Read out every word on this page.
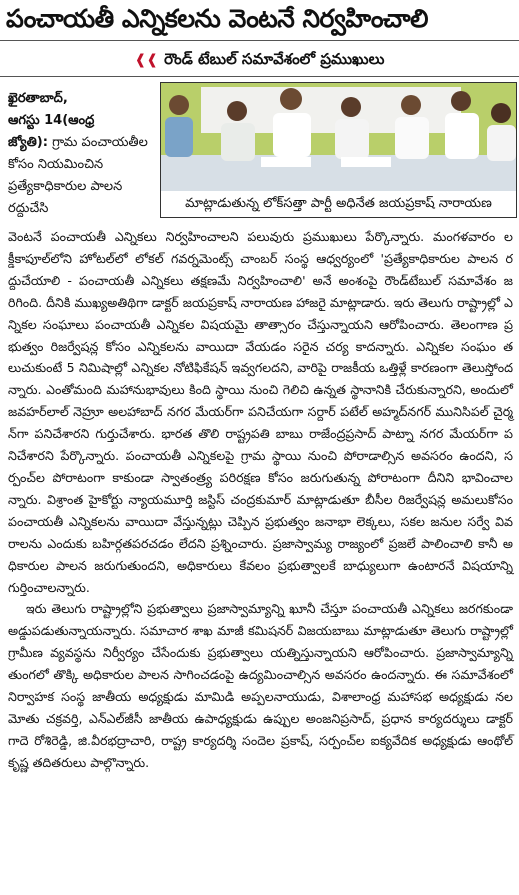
పంచాయతీ ఎన్నికలను వెంటనే నిర్వహించాలి
❰❰ రౌండ్ టేబుల్ సమావేశంలో ప్రముఖులు
ఖైరతాబాద్,
ఆగస్టు 14(ఆంధ్ర
జ్యోతి): గ్రామ పంచాయతీల కోసం నియమించిన ప్రత్యేకాధికారుల పాలన రద్దుచేసి	మాట్లాడుతున్న లోక్‌సత్తా పార్టీ అధినేత జయప్రకాష్ నారాయణ

వెంటనే పంచాయతీ ఎన్నికలు నిర్వహించాలని పలువురు ప్రముఖులు పేర్కొన్నారు. మంగళవారం లక్డీకాపూల్‌లోని హోటల్‌లో లోకల్ గవర్నమెంట్స్ చాంబర్ సంస్థ ఆధ్వర్యంలో 'ప్రత్యేకాధికారుల పాలన రద్దుచేయాలి - పంచాయతీ ఎన్నికలు తక్షణమే నిర్వహించాలి' అనే అంశంపై రౌండ్‌టేబుల్ సమావేశం జరిగింది. దీనికి ముఖ్యఅతిథిగా డాక్టర్ జయప్రకాష్ నారాయణ హాజరై మాట్లాడారు. ఇరు తెలుగు రాష్ట్రాల్లో ఎన్నికల సంఘాలు పంచాయతీ ఎన్నికల విషయమై తాత్సారం చేస్తున్నాయని ఆరోపించారు. తెలంగాణ ప్రభుత్వం రిజర్వేషన్ల కోసం ఎన్నికలను వాయిదా వేయడం సరైన చర్య కాదన్నారు. ఎన్నికల సంఘం తలుచుకుంటే 5 నిమిషాల్లో ఎన్నికల నోటిఫికేషన్ ఇవ్వగలదని, వారిపై రాజకీయ ఒత్తిళ్లే కారణంగా తెలుస్తోందన్నారు. ఎంతోమంది మహానుభావులు కింది స్థాయి నుంచి గెలిచి ఉన్నత స్థానానికి చేరుకున్నారని, అందులో జవహర్‌లాల్ నెహ్రూ అలహాబాద్ నగర మేయర్‌గా పనిచేయగా సర్దార్ పటేల్ అహ్మద్‌నగర్ మునిసిపల్ చైర్మన్‌గా పనిచేశారని గుర్తుచేశారు. భారత తొలి రాష్ట్రపతి బాబు రాజేంద్రప్రసాద్ పాట్నా నగర మేయర్‌గా పనిచేశారని పేర్కొన్నారు. పంచాయతీ ఎన్నికలపై గ్రామ స్థాయి నుంచి పోరాడాల్సిన అవసరం ఉందని, సర్పంచ్‌ల పోరాటంగా కాకుండా స్వాతంత్ర్య పరిరక్షణ కోసం జరుగుతున్న పోరాటంగా దీనిని భావించాలన్నారు. విశ్రాంత హైకోర్టు న్యాయమూర్తి జస్టిస్ చంద్రకుమార్ మాట్లాడుతూ బీసీల రిజర్వేషన్ల అమలుకోసం పంచాయతీ ఎన్నికలను వాయిదా వేస్తున్నట్లు చెప్పిన ప్రభుత్వం జనాభా లెక్కలు, సకల జనుల సర్వే వివరాలను ఎందుకు బహిర్గతపరచడం లేదని ప్రశ్నించారు. ప్రజాస్వామ్య రాజ్యంలో ప్రజలే పాలించాలి కానీ అధికారుల పాలన జరుగుతుందని, అధికారులు కేవలం ప్రభుత్వాలకే బాధ్యులుగా ఉంటారనే విషయాన్ని గుర్తించాలన్నారు.

ఇరు తెలుగు రాష్ట్రాల్లోని ప్రభుత్వాలు ప్రజాస్వామ్యాన్ని ఖూనీ చేస్తూ పంచాయతీ ఎన్నికలు జరగకుండా అడ్డుపడుతున్నాయన్నారు. సమాచార శాఖ మాజీ కమిషనర్ విజయబాబు మాట్లాడుతూ తెలుగు రాష్ట్రాల్లో గ్రామీణ వ్యవస్థను నిర్వీర్యం చేసేందుకు ప్రభుత్వాలు యత్నిస్తున్నాయని ఆరోపించారు. ప్రజాస్వామ్యాన్ని తుంగలో తొక్కి అధికారుల పాలన సాగించడంపై ఉద్యమించాల్సిన అవసరం ఉందన్నారు. ఈ సమావేశంలో నిర్వాహక సంస్థ జాతీయ అధ్యక్షుడు మామిడి అప్పలనాయుడు, విశాలాంధ్ర మహాసభ అధ్యక్షుడు నలమోతు చక్రవర్తి, ఎన్‌ఎల్‌జీసీ జాతీయ ఉపాధ్యక్షుడు ఉప్పుల అంజనిప్రసాద్, ప్రధాన కార్యదర్శులు డాక్టర్ గాదె రోశిరెడ్డి, జి.వీరభద్రాచారి, రాష్ట్ర కార్యదర్శి సందెల ప్రకాష్, సర్పంచ్‌ల ఐక్యవేదిక అధ్యక్షుడు ఆంథోల్ కృష్ణ తదితరులు పాల్గొన్నారు.
